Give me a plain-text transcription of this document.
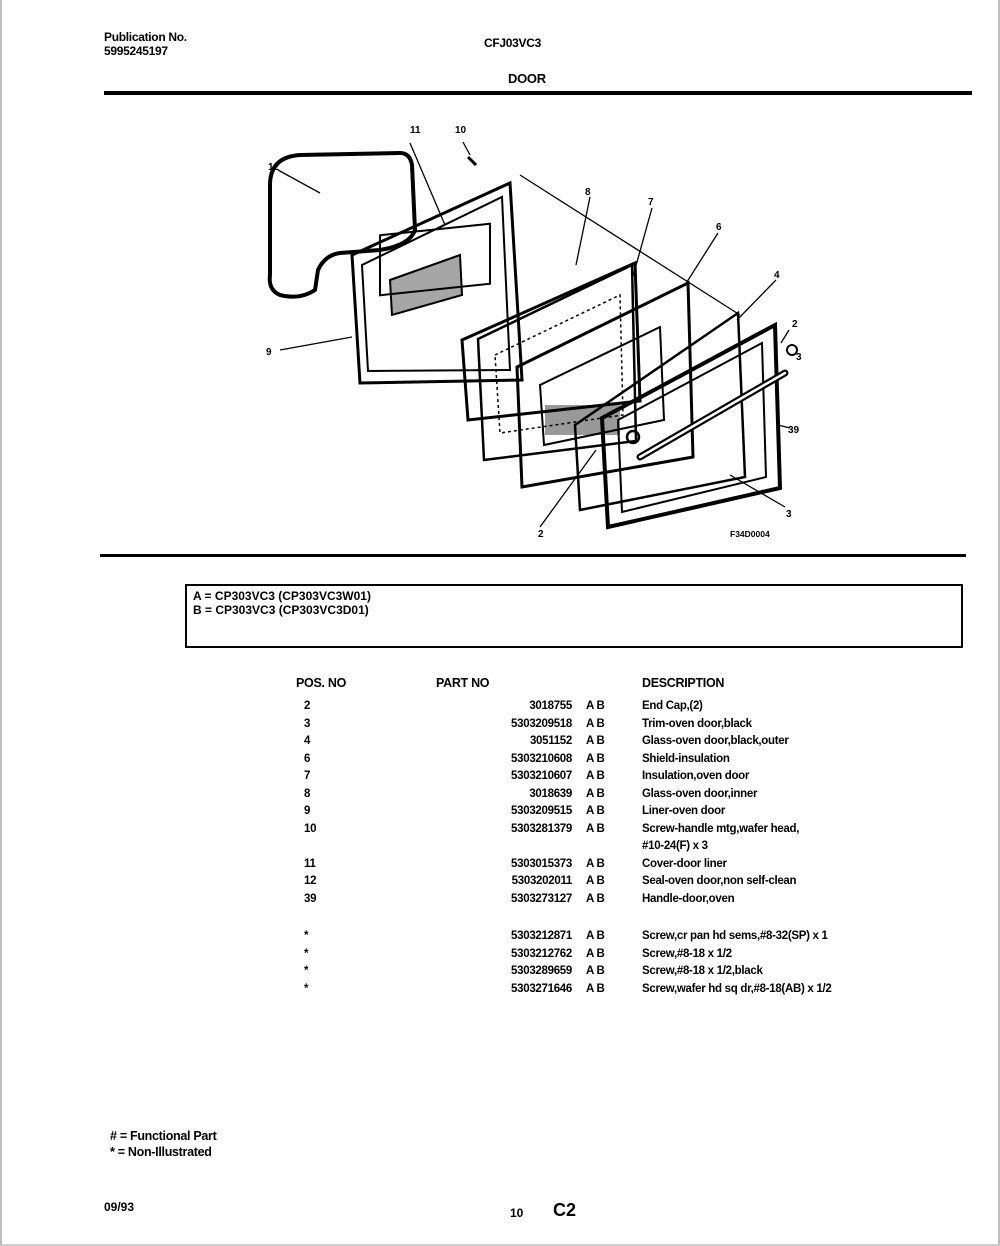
Publication No.
5995245197
CFJ03VC3
DOOR
11	10
12
8
7
6
4
2
3
9
39
2
3
F34D0004
A = CP303VC3 (CP303VC3W01)
B = CP303VC3 (CP303VC3D01)
POS. NO	PART NO		DESCRIPTION
2	3018755	A B	End Cap,(2)
3	5303209518	A B	Trim-oven door,black
4	3051152	A B	Glass-oven door,black,outer
6	5303210608	A B	Shield-insulation
7	5303210607	A B	Insulation,oven door
8	3018639	A B	Glass-oven door,inner
9	5303209515	A B	Liner-oven door
10	5303281379	A B	Screw-handle mtg,wafer head,
			#10-24(F) x 3
11	5303015373	A B	Cover-door liner
12	5303202011	A B	Seal-oven door,non self-clean
39	5303273127	A B	Handle-door,oven

*	5303212871	A B	Screw,cr pan hd sems,#8-32(SP) x 1
*	5303212762	A B	Screw,#8-18 x 1/2
*	5303289659	A B	Screw,#8-18 x 1/2,black
*	5303271646	A B	Screw,wafer hd sq dr,#8-18(AB) x 1/2
# = Functional Part
* = Non-Illustrated
09/93	10 C2
